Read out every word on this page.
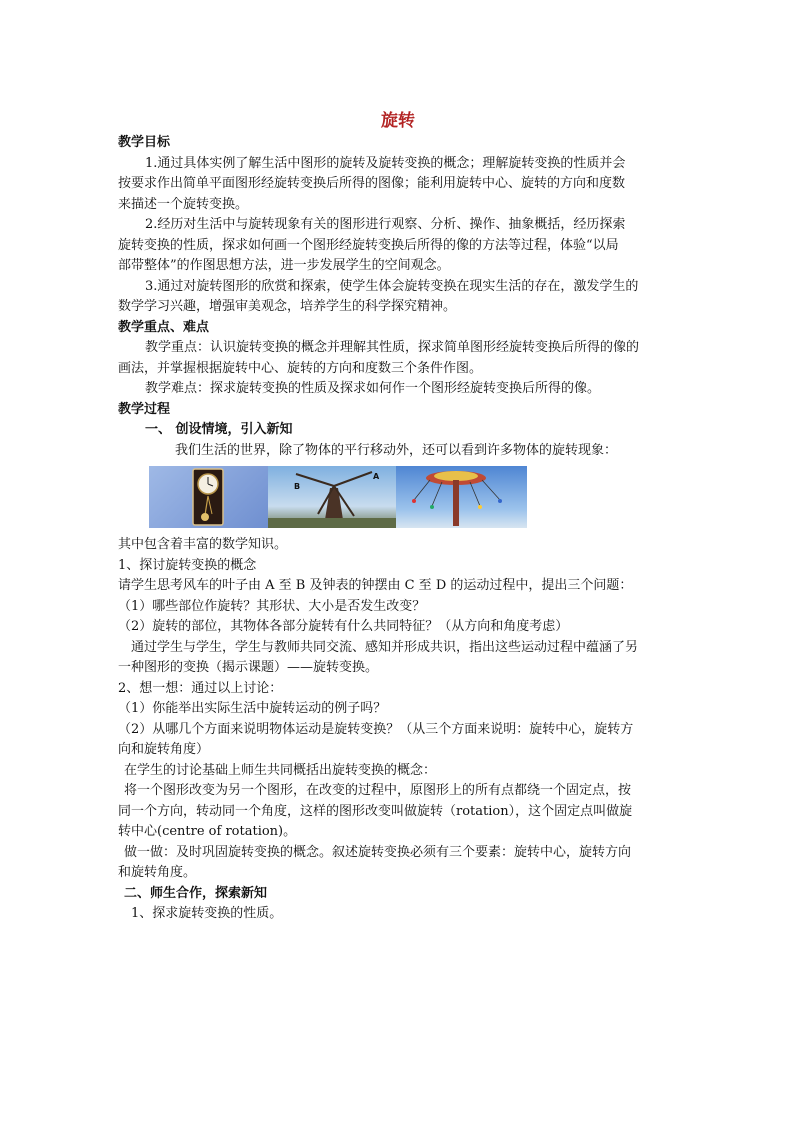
旋转

教学目标

1.通过具体实例了解生活中图形的旋转及旋转变换的概念；理解旋转变换的性质并会

按要求作出简单平面图形经旋转变换后所得的图像；能利用旋转中心、旋转的方向和度数

来描述一个旋转变换。

2.经历对生活中与旋转现象有关的图形进行观察、分析、操作、抽象概括，经历探索

旋转变换的性质，探求如何画一个图形经旋转变换后所得的像的方法等过程，体验“以局

部带整体”的作图思想方法，进一步发展学生的空间观念。

3.通过对旋转图形的欣赏和探索，使学生体会旋转变换在现实生活的存在，激发学生的

数学学习兴趣，增强审美观念，培养学生的科学探究精神。

教学重点、难点

教学重点：认识旋转变换的概念并理解其性质，探求简单图形经旋转变换后所得的像的

画法，并掌握根据旋转中心、旋转的方向和度数三个条件作图。

教学难点：探求旋转变换的性质及探求如何作一个图形经旋转变换后所得的像。

教学过程

一、 创设情境，引入新知

我们生活的世界，除了物体的平行移动外，还可以看到许多物体的旋转现象：

B
A

其中包含着丰富的数学知识。

1、探讨旋转变换的概念

请学生思考风车的叶子由 A 至 B 及钟表的钟摆由 C 至 D 的运动过程中，提出三个问题：

（1）哪些部位作旋转？其形状、大小是否发生改变？

（2）旋转的部位，其物体各部分旋转有什么共同特征？（从方向和角度考虑）

通过学生与学生，学生与教师共同交流、感知并形成共识，指出这些运动过程中蕴涵了另

一种图形的变换（揭示课题）——旋转变换。

2、想一想：通过以上讨论：

（1）你能举出实际生活中旋转运动的例子吗？

（2）从哪几个方面来说明物体运动是旋转变换？（从三个方面来说明：旋转中心，旋转方

向和旋转角度）

在学生的讨论基础上师生共同概括出旋转变换的概念：

将一个图形改变为另一个图形，在改变的过程中，原图形上的所有点都绕一个固定点，按

同一个方向，转动同一个角度，这样的图形改变叫做旋转（rotation），这个固定点叫做旋

转中心(centre of rotation)。

做一做：及时巩固旋转变换的概念。叙述旋转变换必须有三个要素：旋转中心，旋转方向

和旋转角度。

二、师生合作，探索新知

1、探求旋转变换的性质。
